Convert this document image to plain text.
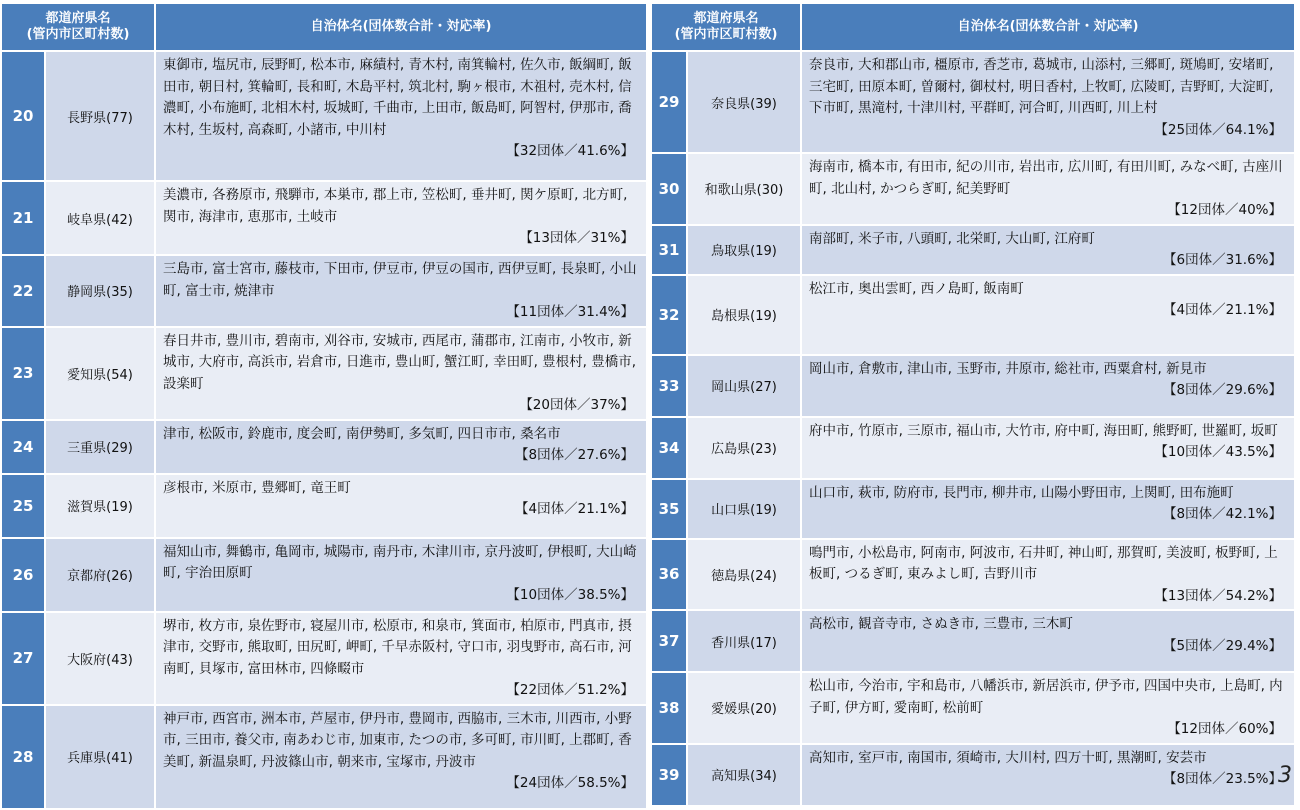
都道府県名
(管内市区町村数)		自治体名(団体数合計・対応率)
20	長野県(77)	東御市, 塩尻市, 辰野町, 松本市, 麻績村, 青木村, 南箕輪村, 佐久市, 飯綱町, 飯田市, 朝日村, 箕輪町, 長和町, 木島平村, 筑北村, 駒ヶ根市, 木祖村, 売木村, 信濃町, 小布施町, 北相木村, 坂城町, 千曲市, 上田市, 飯島町, 阿智村, 伊那市, 喬木村, 生坂村, 高森町, 小諸市, 中川村
【32団体／41.6%】

21	岐阜県(42)	美濃市, 各務原市, 飛騨市, 本巣市, 郡上市, 笠松町, 垂井町, 関ケ原町, 北方町, 関市, 海津市, 恵那市, 土岐市
【13団体／31%】

22	静岡県(35)	三島市, 富士宮市, 藤枝市, 下田市, 伊豆市, 伊豆の国市, 西伊豆町, 長泉町, 小山町, 富士市, 焼津市
【11団体／31.4%】

23	愛知県(54)	春日井市, 豊川市, 碧南市, 刈谷市, 安城市, 西尾市, 蒲郡市, 江南市, 小牧市, 新城市, 大府市, 高浜市, 岩倉市, 日進市, 豊山町, 蟹江町, 幸田町, 豊根村, 豊橋市, 設楽町
【20団体／37%】

24	三重県(29)	津市, 松阪市, 鈴鹿市, 度会町, 南伊勢町, 多気町, 四日市市, 桑名市
【8団体／27.6%】

25	滋賀県(19)	彦根市, 米原市, 豊郷町, 竜王町
【4団体／21.1%】

26	京都府(26)	福知山市, 舞鶴市, 亀岡市, 城陽市, 南丹市, 木津川市, 京丹波町, 伊根町, 大山崎町, 宇治田原町
【10団体／38.5%】

27	大阪府(43)	堺市, 枚方市, 泉佐野市, 寝屋川市, 松原市, 和泉市, 箕面市, 柏原市, 門真市, 摂津市, 交野市, 熊取町, 田尻町, 岬町, 千早赤阪村, 守口市, 羽曳野市, 高石市, 河南町, 貝塚市, 富田林市, 四條畷市
【22団体／51.2%】

28	兵庫県(41)	神戸市, 西宮市, 洲本市, 芦屋市, 伊丹市, 豊岡市, 西脇市, 三木市, 川西市, 小野市, 三田市, 養父市, 南あわじ市, 加東市, たつの市, 多可町, 市川町, 上郡町, 香美町, 新温泉町, 丹波篠山市, 朝来市, 宝塚市, 丹波市
【24団体／58.5%】
都道府県名
(管内市区町村数)		自治体名(団体数合計・対応率)
29	奈良県(39)	奈良市, 大和郡山市, 橿原市, 香芝市, 葛城市, 山添村, 三郷町, 斑鳩町, 安堵町, 三宅町, 田原本町, 曽爾村, 御杖村, 明日香村, 上牧町, 広陵町, 吉野町, 大淀町, 下市町, 黒滝村, 十津川村, 平群町, 河合町, 川西町, 川上村
【25団体／64.1%】

30	和歌山県(30)	海南市, 橋本市, 有田市, 紀の川市, 岩出市, 広川町, 有田川町, みなべ町, 古座川町, 北山村, かつらぎ町, 紀美野町
【12団体／40%】

31	鳥取県(19)	南部町, 米子市, 八頭町, 北栄町, 大山町, 江府町
【6団体／31.6%】

32	島根県(19)	松江市, 奥出雲町, 西ノ島町, 飯南町
【4団体／21.1%】

33	岡山県(27)	岡山市, 倉敷市, 津山市, 玉野市, 井原市, 総社市, 西粟倉村, 新見市
【8団体／29.6%】

34	広島県(23)	府中市, 竹原市, 三原市, 福山市, 大竹市, 府中町, 海田町, 熊野町, 世羅町, 坂町
【10団体／43.5%】

35	山口県(19)	山口市, 萩市, 防府市, 長門市, 柳井市, 山陽小野田市, 上関町, 田布施町
【8団体／42.1%】

36	徳島県(24)	鳴門市, 小松島市, 阿南市, 阿波市, 石井町, 神山町, 那賀町, 美波町, 板野町, 上板町, つるぎ町, 東みよし町, 吉野川市
【13団体／54.2%】

37	香川県(17)	高松市, 観音寺市, さぬき市, 三豊市, 三木町
【5団体／29.4%】

38	愛媛県(20)	松山市, 今治市, 宇和島市, 八幡浜市, 新居浜市, 伊予市, 四国中央市, 上島町, 内子町, 伊方町, 愛南町, 松前町
【12団体／60%】

39	高知県(34)	高知市, 室戸市, 南国市, 須崎市, 大川村, 四万十町, 黒潮町, 安芸市
【8団体／23.5%】
3
